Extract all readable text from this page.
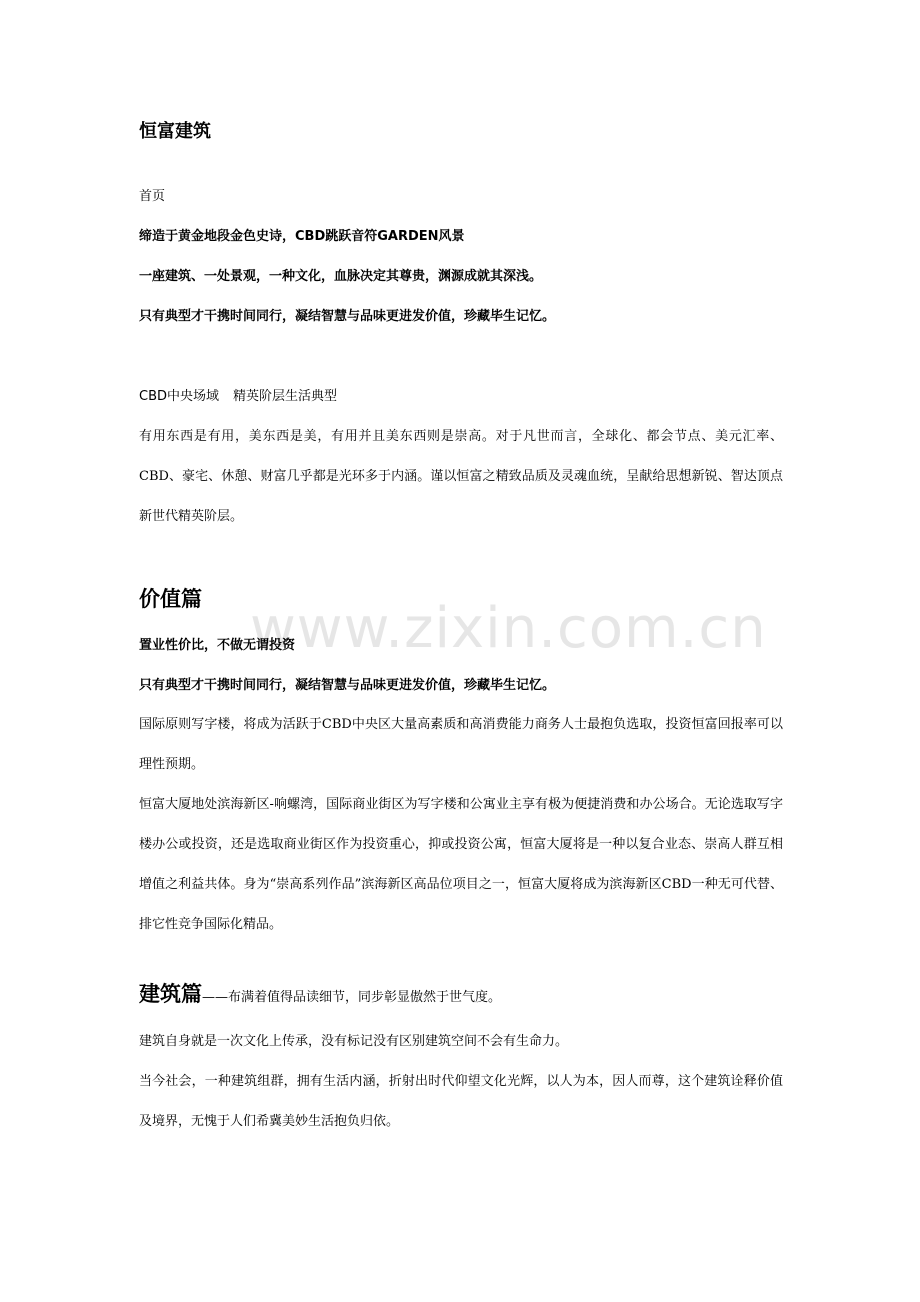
www.zixin.com.cn
恒富建筑
首页
缔造于黄金地段金色史诗，CBD跳跃音符GARDEN风景
一座建筑、一处景观，一种文化，血脉决定其尊贵，渊源成就其深浅。
只有典型才干携时间同行，凝结智慧与品味更进发价值，珍藏毕生记忆。
CBD中央场域 精英阶层生活典型

有用东西是有用，美东西是美，有用并且美东西则是崇高。对于凡世而言，全球化、都会节点、美元汇率、CBD、豪宅、休憩、财富几乎都是光环多于内涵。谨以恒富之精致品质及灵魂血统，呈献给思想新锐、智达顶点新世代精英阶层。

价值篇
置业性价比，不做无谓投资
只有典型才干携时间同行，凝结智慧与品味更进发价值，珍藏毕生记忆。

国际原则写字楼，将成为活跃于CBD中央区大量高素质和高消费能力商务人士最抱负选取，投资恒富回报率可以理性预期。

恒富大厦地处滨海新区-响螺湾，国际商业街区为写字楼和公寓业主享有极为便捷消费和办公场合。无论选取写字楼办公或投资，还是选取商业街区作为投资重心，抑或投资公寓，恒富大厦将是一种以复合业态、崇高人群互相增值之利益共体。身为“崇高系列作品”滨海新区高品位项目之一，恒富大厦将成为滨海新区CBD一种无可代替、排它性竞争国际化精品。

建筑篇——布满着值得品读细节，同步彰显傲然于世气度。

建筑自身就是一次文化上传承，没有标记没有区别建筑空间不会有生命力。

当今社会，一种建筑组群，拥有生活内涵，折射出时代仰望文化光辉，以人为本，因人而尊，这个建筑诠释价值及境界，无愧于人们希冀美妙生活抱负归依。
